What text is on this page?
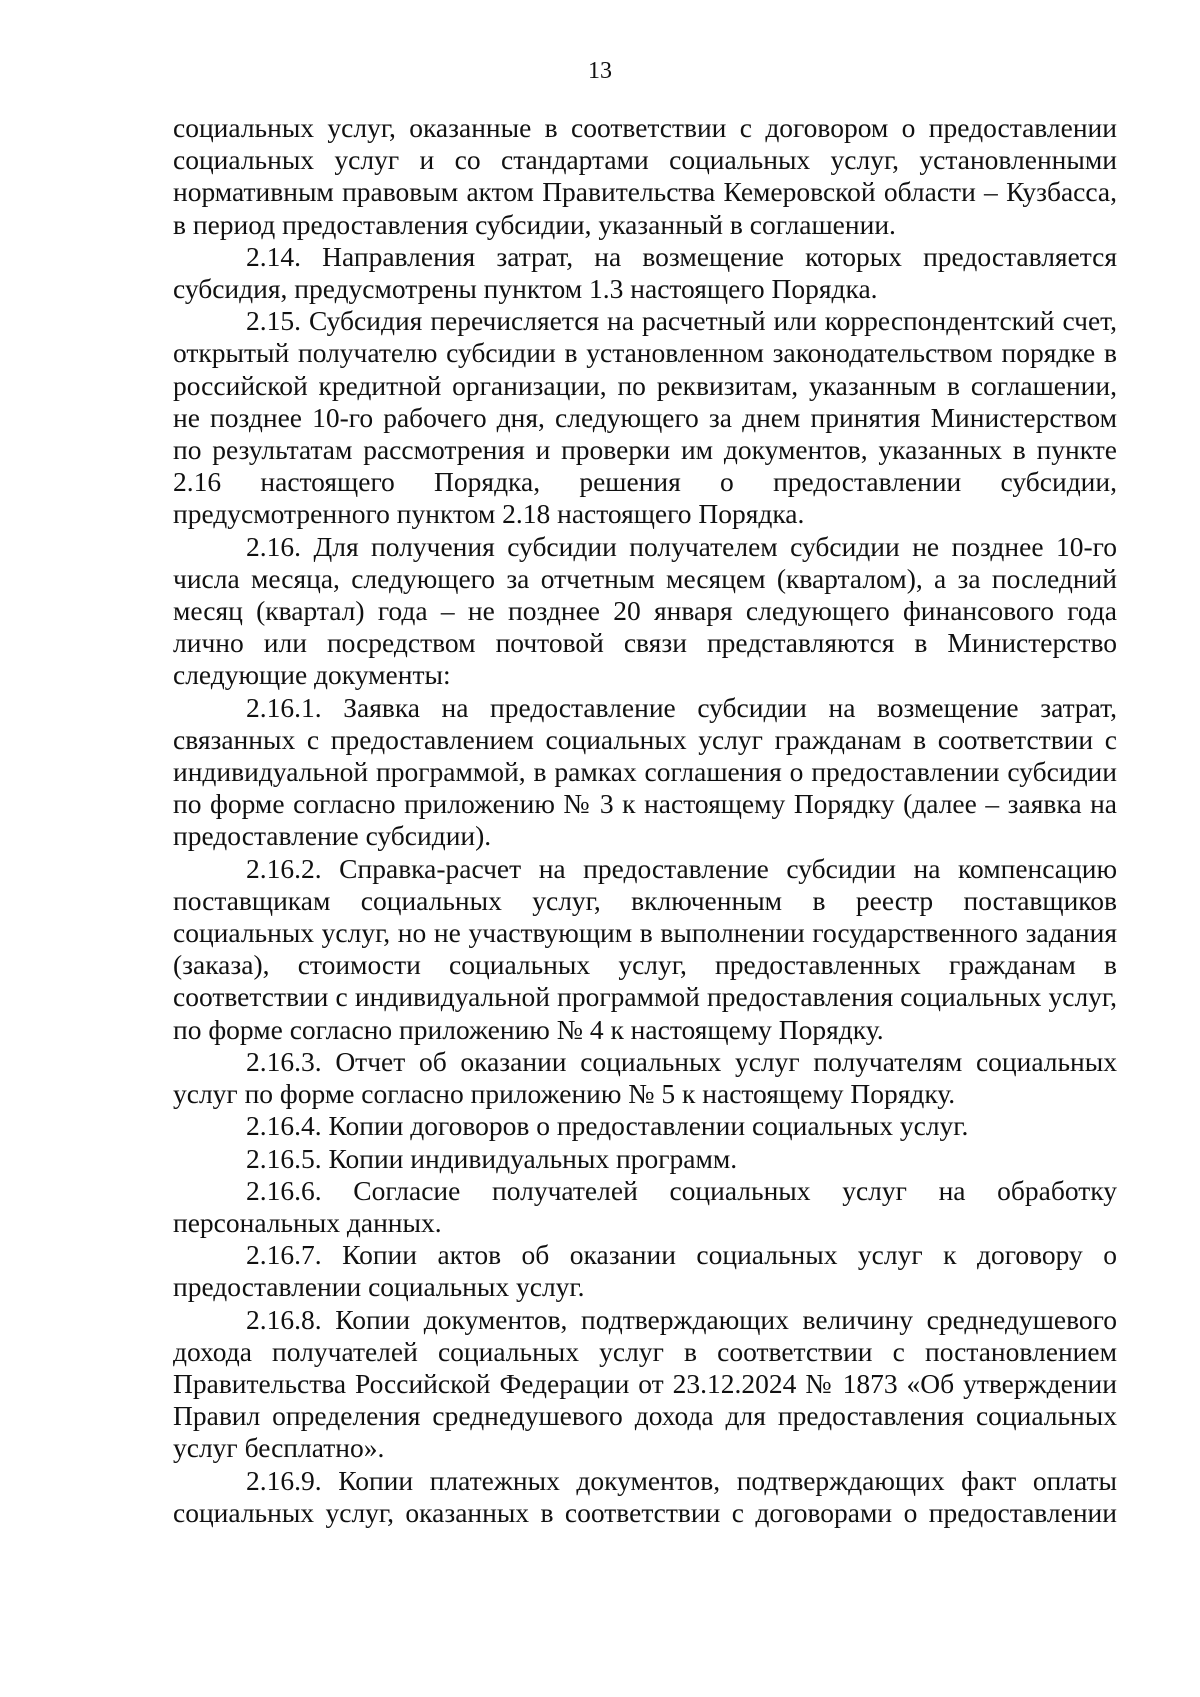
13

социальных услуг, оказанные в соответствии с договором о предоставлении социальных услуг и со стандартами социальных услуг, установленными нормативным правовым актом Правительства Кемеровской области – Кузбасса, в период предоставления субсидии, указанный в соглашении.

2.14. Направления затрат, на возмещение которых предоставляется субсидия, предусмотрены пунктом 1.3 настоящего Порядка.

2.15. Субсидия перечисляется на расчетный или корреспондентский счет, открытый получателю субсидии в установленном законодательством порядке в российской кредитной организации, по реквизитам, указанным в соглашении, не позднее 10-го рабочего дня, следующего за днем принятия Министерством по результатам рассмотрения и проверки им документов, указанных в пункте 2.16 настоящего Порядка, решения о предоставлении субсидии, предусмотренного пунктом 2.18 настоящего Порядка.

2.16. Для получения субсидии получателем субсидии не позднее 10-го числа месяца, следующего за отчетным месяцем (кварталом), а за последний месяц (квартал) года – не позднее 20 января следующего финансового года лично или посредством почтовой связи представляются в Министерство следующие документы:

2.16.1. Заявка на предоставление субсидии на возмещение затрат, связанных с предоставлением социальных услуг гражданам в соответствии с индивидуальной программой, в рамках соглашения о предоставлении субсидии по форме согласно приложению № 3 к настоящему Порядку (далее – заявка на предоставление субсидии).

2.16.2. Справка-расчет на предоставление субсидии на компенсацию поставщикам социальных услуг, включенным в реестр поставщиков социальных услуг, но не участвующим в выполнении государственного задания (заказа), стоимости социальных услуг, предоставленных гражданам в соответствии с индивидуальной программой предоставления социальных услуг, по форме согласно приложению № 4 к настоящему Порядку.

2.16.3. Отчет об оказании социальных услуг получателям социальных услуг по форме согласно приложению № 5 к настоящему Порядку.

2.16.4. Копии договоров о предоставлении социальных услуг.

2.16.5. Копии индивидуальных программ.

2.16.6. Согласие получателей социальных услуг на обработку персональных данных.

2.16.7. Копии актов об оказании социальных услуг к договору о предоставлении социальных услуг.

2.16.8. Копии документов, подтверждающих величину среднедушевого дохода получателей социальных услуг в соответствии с постановлением Правительства Российской Федерации от 23.12.2024 № 1873 «Об утверждении Правил определения среднедушевого дохода для предоставления социальных услуг бесплатно».

2.16.9. Копии платежных документов, подтверждающих факт оплаты социальных услуг, оказанных в соответствии с договорами о предоставлении
